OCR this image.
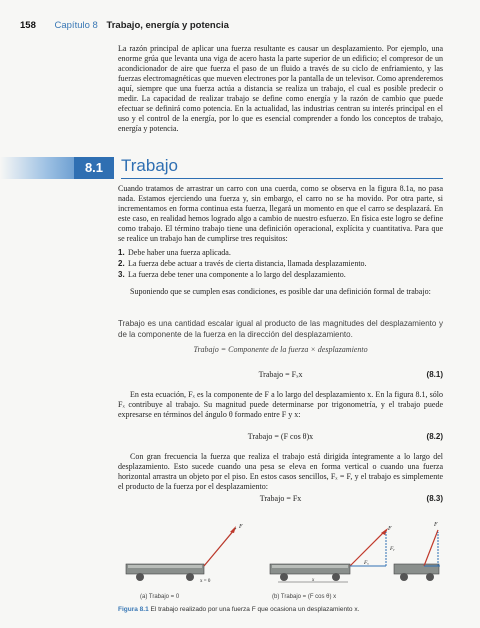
158 Capítulo 8 Trabajo, energía y potencia

La razón principal de aplicar una fuerza resultante es causar un desplazamiento. Por ejemplo, una enorme grúa que levanta una viga de acero hasta la parte superior de un edificio; el compresor de un acondicionador de aire que fuerza el paso de un fluido a través de su ciclo de enfriamiento, y las fuerzas electromagnéticas que mueven electrones por la pantalla de un televisor. Como aprenderemos aquí, siempre que una fuerza actúa a distancia se realiza un trabajo, el cual es posible predecir o medir. La capacidad de realizar trabajo se define como energía y la razón de cambio que puede efectuar se definirá como potencia. En la actualidad, las industrias centran su interés principal en el uso y el control de la energía, por lo que es esencial comprender a fondo los conceptos de trabajo, energía y potencia.

8.1	Trabajo

Cuando tratamos de arrastrar un carro con una cuerda, como se observa en la figura 8.1a, no pasa nada. Estamos ejerciendo una fuerza y, sin embargo, el carro no se ha movido. Por otra parte, si incrementamos en forma continua esta fuerza, llegará un momento en que el carro se desplazará. En este caso, en realidad hemos logrado algo a cambio de nuestro esfuerzo. En física este logro se define como trabajo. El término trabajo tiene una definición operacional, explícita y cuantitativa. Para que se realice un trabajo han de cumplirse tres requisitos:

1. Debe haber una fuerza aplicada.
2. La fuerza debe actuar a través de cierta distancia, llamada desplazamiento.
3. La fuerza debe tener una componente a lo largo del desplazamiento.

Suponiendo que se cumplen esas condiciones, es posible dar una definición formal de trabajo:

Trabajo es una cantidad escalar igual al producto de las magnitudes del desplazamiento y de la componente de la fuerza en la dirección del desplazamiento.

Trabajo = Componente de la fuerza × desplazamiento
Trabajo = Fₓx	(8.1)

En esta ecuación, Fₓ es la componente de F a lo largo del desplazamiento x. En la figura 8.1, sólo Fₓ contribuye al trabajo. Su magnitud puede determinarse por trigonometría, y el trabajo puede expresarse en términos del ángulo θ formado entre F y x:

Trabajo = (F cos θ)x	(8.2)

Con gran frecuencia la fuerza que realiza el trabajo está dirigida íntegramente a lo largo del desplazamiento. Esto sucede cuando una pesa se eleva en forma vertical o cuando una fuerza horizontal arrastra un objeto por el piso. En estos casos sencillos, Fₓ = F, y el trabajo es simplemente el producto de la fuerza por el desplazamiento:

Trabajo = Fx	(8.3)
F
x = 0
F
Fᵧ
Fₓ
x
F
(a) Trabajo = 0	(b) Trabajo = (F cos θ) x
Figura 8.1 El trabajo realizado por una fuerza F que ocasiona un desplazamiento x.
